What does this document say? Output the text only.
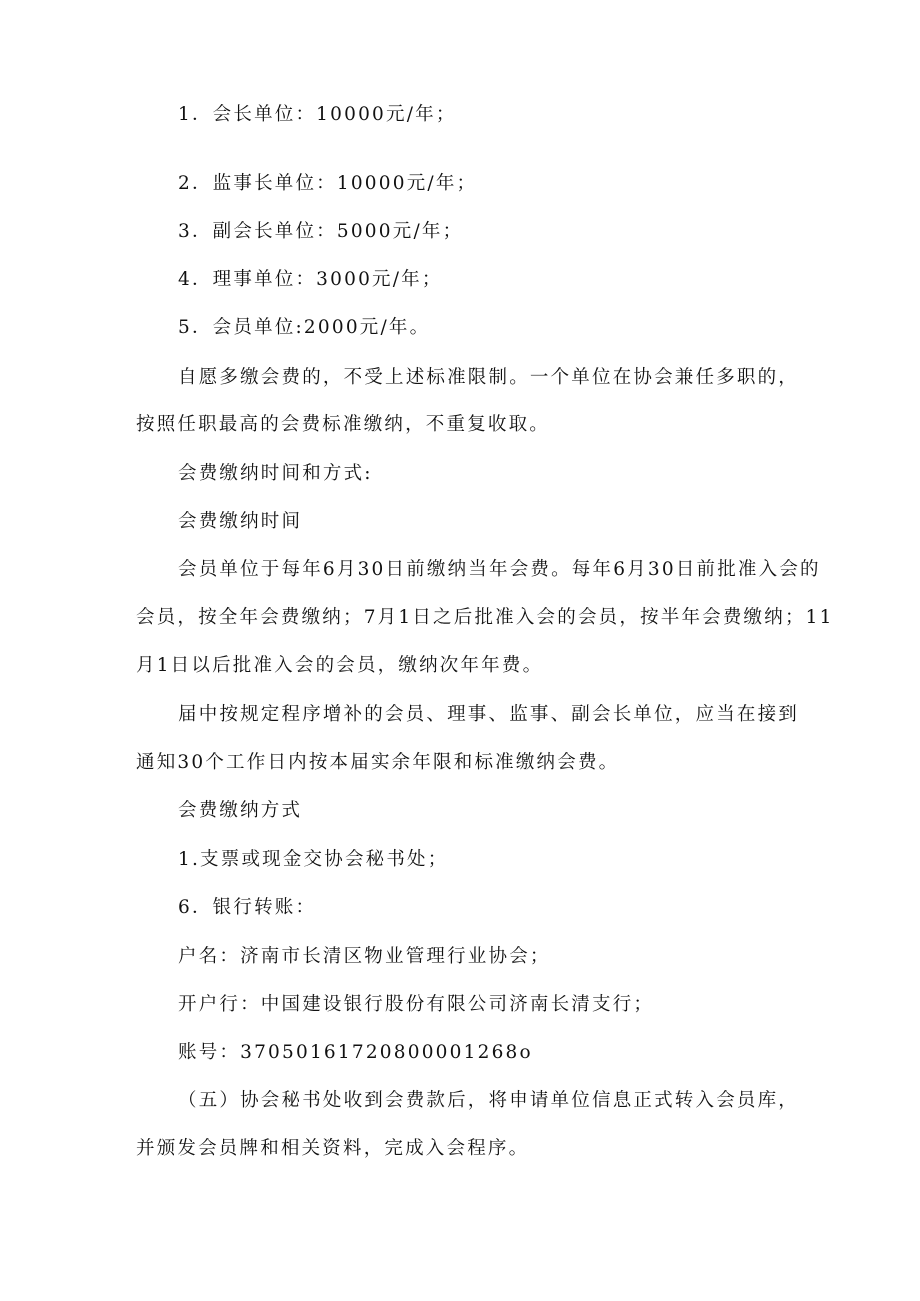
1．会长单位：10000元/年；
2．监事长单位：10000元/年；
3．副会长单位：5000元/年；
4．理事单位：3000元/年；
5．会员单位:2000元/年。
自愿多缴会费的，不受上述标准限制。一个单位在协会兼任多职的，
按照任职最高的会费标准缴纳，不重复收取。
会费缴纳时间和方式:
会费缴纳时间
会员单位于每年6月30日前缴纳当年会费。每年6月30日前批准入会的
会员，按全年会费缴纳；7月1日之后批准入会的会员，按半年会费缴纳；11
月1日以后批准入会的会员，缴纳次年年费。
届中按规定程序增补的会员、理事、监事、副会长单位，应当在接到
通知30个工作日内按本届实余年限和标准缴纳会费。
会费缴纳方式
1.支票或现金交协会秘书处；
6．银行转账：
户名：济南市长清区物业管理行业协会；
开户行：中国建设银行股份有限公司济南长清支行；
账号：37050161720800001268o
（五）协会秘书处收到会费款后，将申请单位信息正式转入会员库，
并颁发会员牌和相关资料，完成入会程序。
